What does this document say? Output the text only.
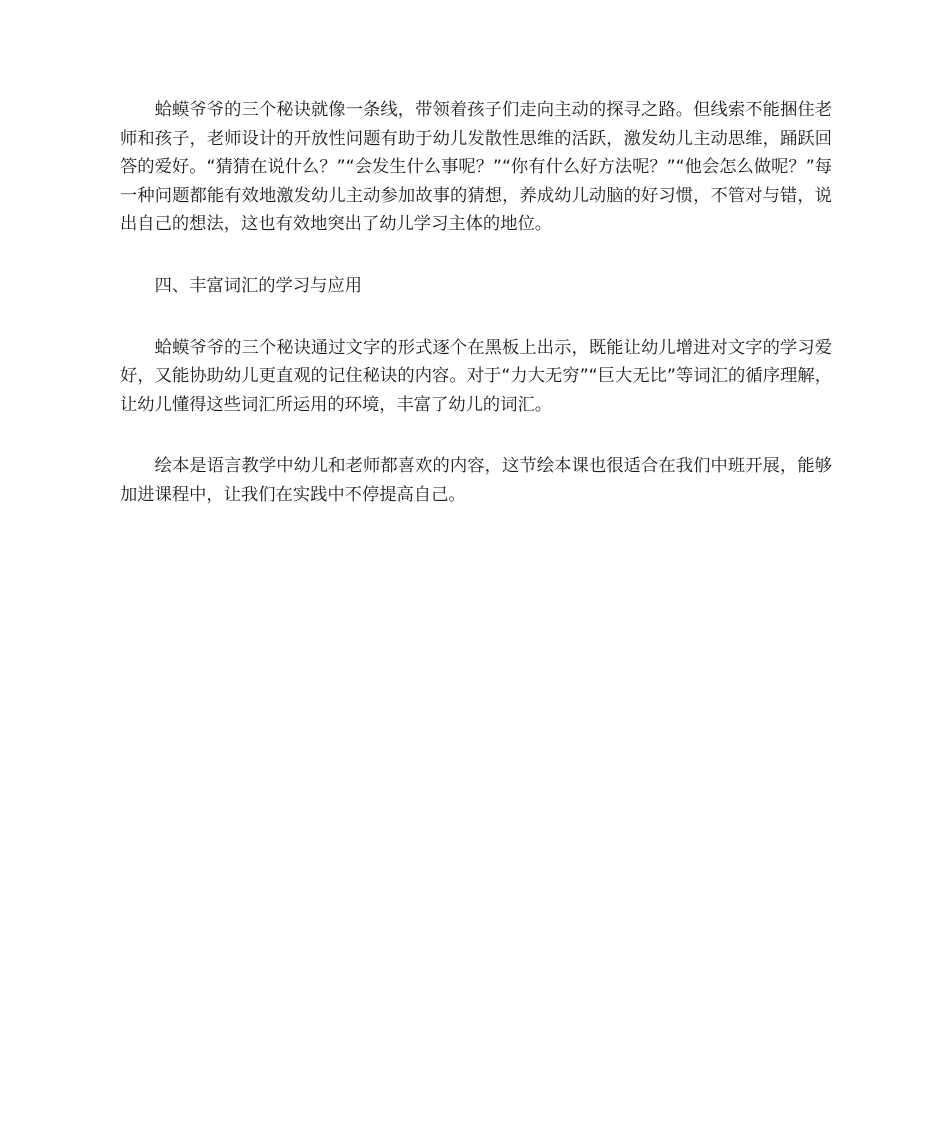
蛤蟆爷爷的三个秘诀就像一条线，带领着孩子们走向主动的探寻之路。但线索不能捆住老师和孩子，老师设计的开放性问题有助于幼儿发散性思维的活跃，激发幼儿主动思维，踊跃回答的爱好。“猜猜在说什么？”“会发生什么事呢？”“你有什么好方法呢？”“他会怎么做呢？”每一种问题都能有效地激发幼儿主动参加故事的猜想，养成幼儿动脑的好习惯，不管对与错，说出自己的想法，这也有效地突出了幼儿学习主体的地位。

四、丰富词汇的学习与应用

蛤蟆爷爷的三个秘诀通过文字的形式逐个在黑板上出示，既能让幼儿增进对文字的学习爱好，又能协助幼儿更直观的记住秘诀的内容。对于“力大无穷”“巨大无比”等词汇的循序理解，让幼儿懂得这些词汇所运用的环境，丰富了幼儿的词汇。

绘本是语言教学中幼儿和老师都喜欢的内容，这节绘本课也很适合在我们中班开展，能够加进课程中，让我们在实践中不停提高自己。
